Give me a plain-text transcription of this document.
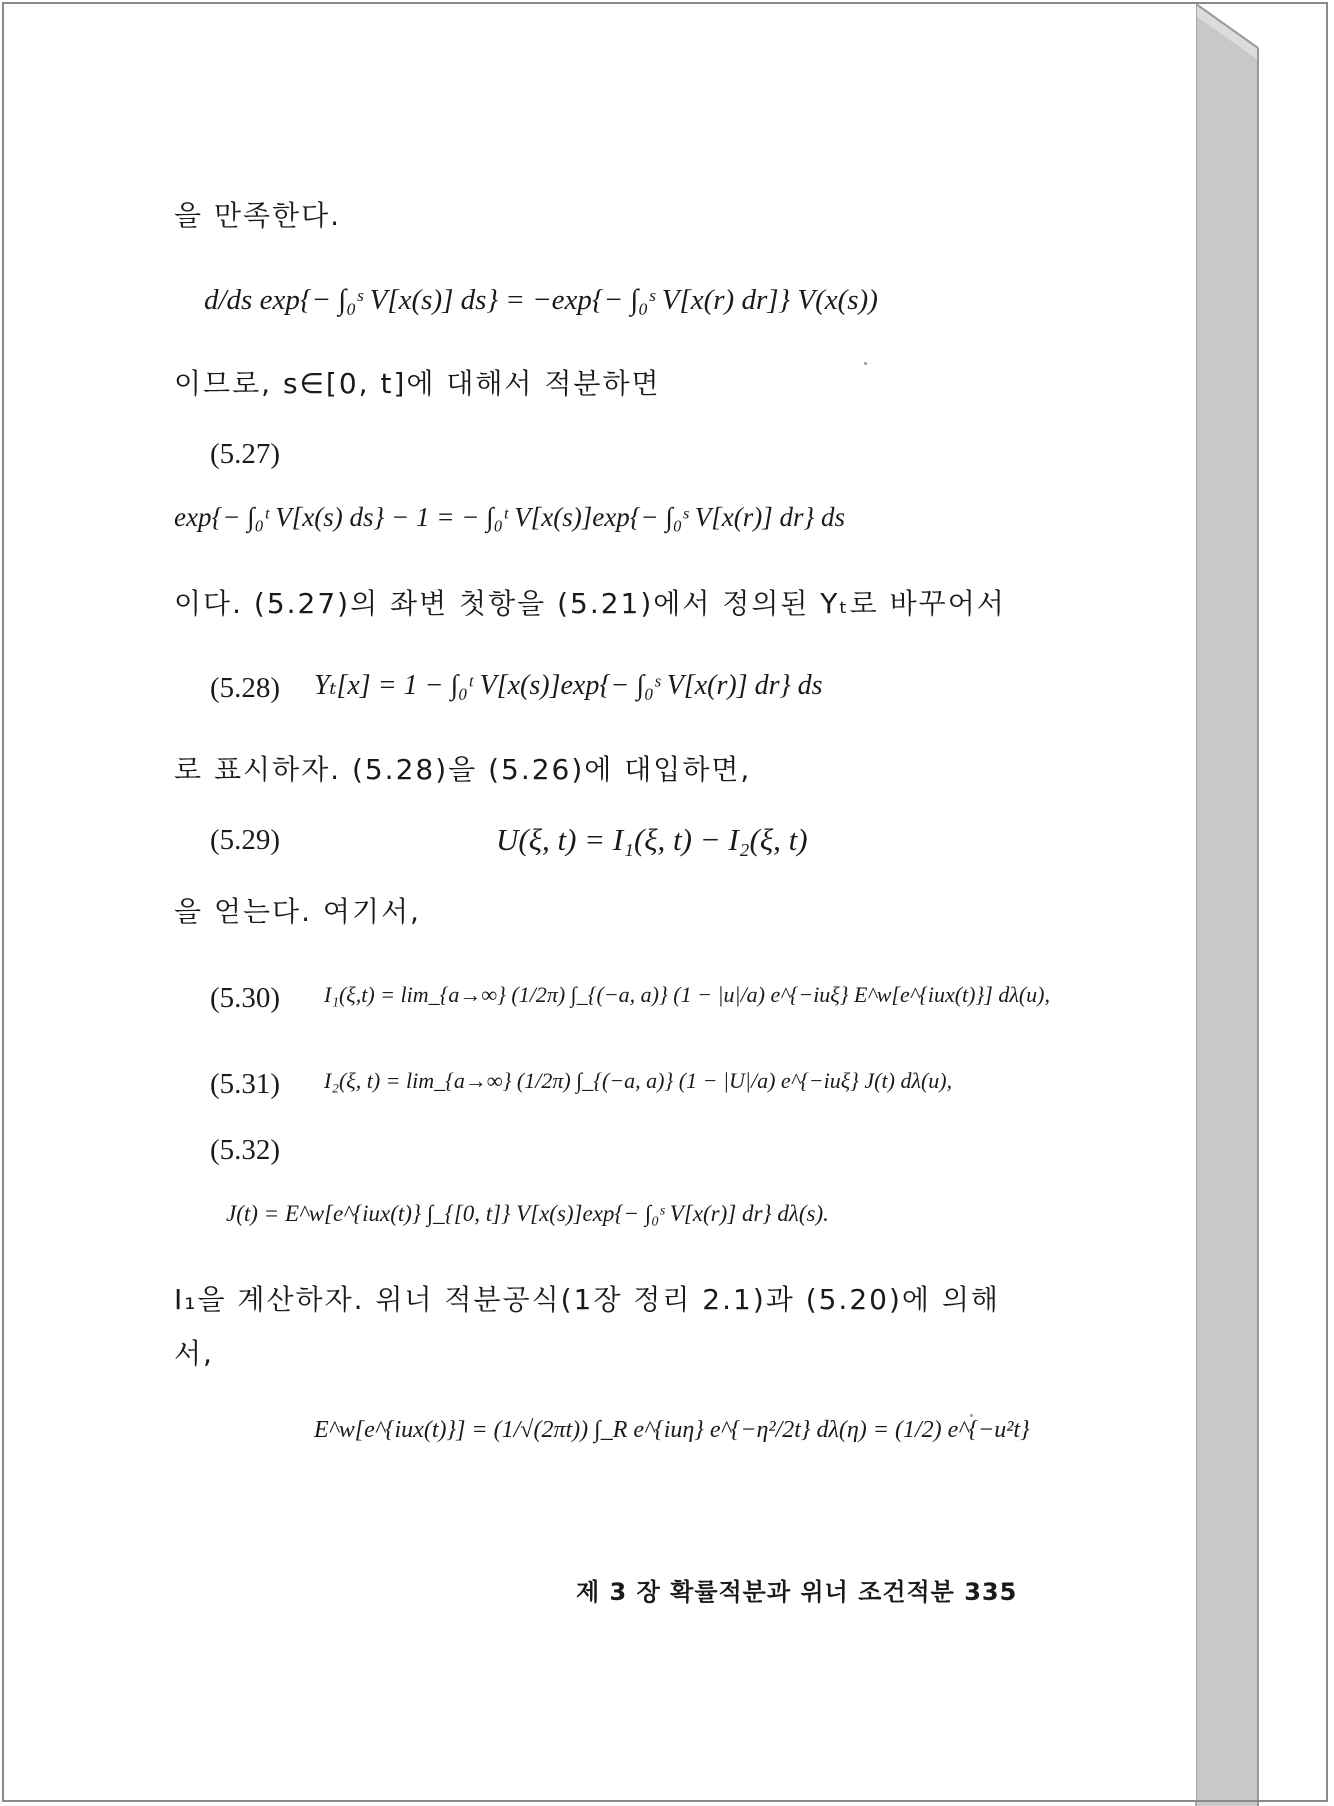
을 만족한다.
d/ds exp{− ∫₀ˢ V[x(s)] ds} = −exp{− ∫₀ˢ V[x(r) dr]} V(x(s))
이므로, s∈[0, t]에 대해서 적분하면
(5.27)
exp{− ∫₀ᵗ V[x(s) ds} − 1 = − ∫₀ᵗ V[x(s)]exp{− ∫₀ˢ V[x(r)] dr} ds
이다. (5.27)의 좌변 첫항을 (5.21)에서 정의된 Yₜ로 바꾸어서
(5.28) Yₜ[x] = 1 − ∫₀ᵗ V[x(s)]exp{− ∫₀ˢ V[x(r)] dr} ds
로 표시하자. (5.28)을 (5.26)에 대입하면,
(5.29)	U(ξ, t) = I₁(ξ, t) − I₂(ξ, t)
을 얻는다. 여기서,
(5.30) I₁(ξ,t) = lim_{a→∞} (1/2π) ∫_{(−a, a)} (1 − |u|/a) e^{−iuξ} E^w[e^{iux(t)}] dλ(u),
(5.31) I₂(ξ, t) = lim_{a→∞} (1/2π) ∫_{(−a, a)} (1 − |U|/a) e^{−iuξ} J(t) dλ(u),
(5.32)
J(t) = E^w[e^{iux(t)} ∫_{[0, t]} V[x(s)]exp{− ∫₀ˢ V[x(r)] dr} dλ(s).
I₁을 계산하자. 위너 적분공식(1장 정리 2.1)과 (5.20)에 의해
서,
E^w[e^{iux(t)}] = (1/√(2πt)) ∫_R e^{iuη} e^{−η²/2t} dλ(η) = (1/2) e^{−u²t}
제 3 장 확률적분과 위너 조건적분 335
